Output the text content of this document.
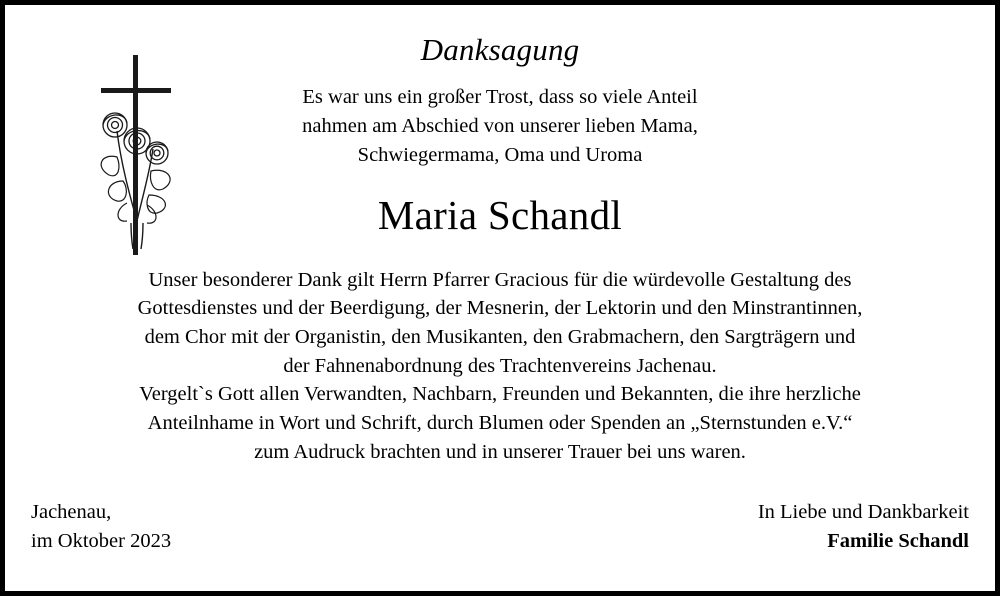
Danksagung
Es war uns ein großer Trost, dass so viele Anteil
nahmen am Abschied von unserer lieben Mama,
Schwiegermama, Oma und Uroma
Maria Schandl

Unser besonderer Dank gilt Herrn Pfarrer Gracious für die würdevolle Gestaltung des

Gottesdienstes und der Beerdigung, der Mesnerin, der Lektorin und den Minstrantinnen,

dem Chor mit der Organistin, den Musikanten, den Grabmachern, den Sargträgern und

der Fahnenabordnung des Trachtenvereins Jachenau.

Vergelt`s Gott allen Verwandten, Nachbarn, Freunden und Bekannten, die ihre herzliche

Anteilnhame in Wort und Schrift, durch Blumen oder Spenden an „Sternstunden e.V.“

zum Audruck brachten und in unserer Trauer bei uns waren.

Jachenau,
im Oktober 2023
In Liebe und Dankbarkeit
Familie Schandl
